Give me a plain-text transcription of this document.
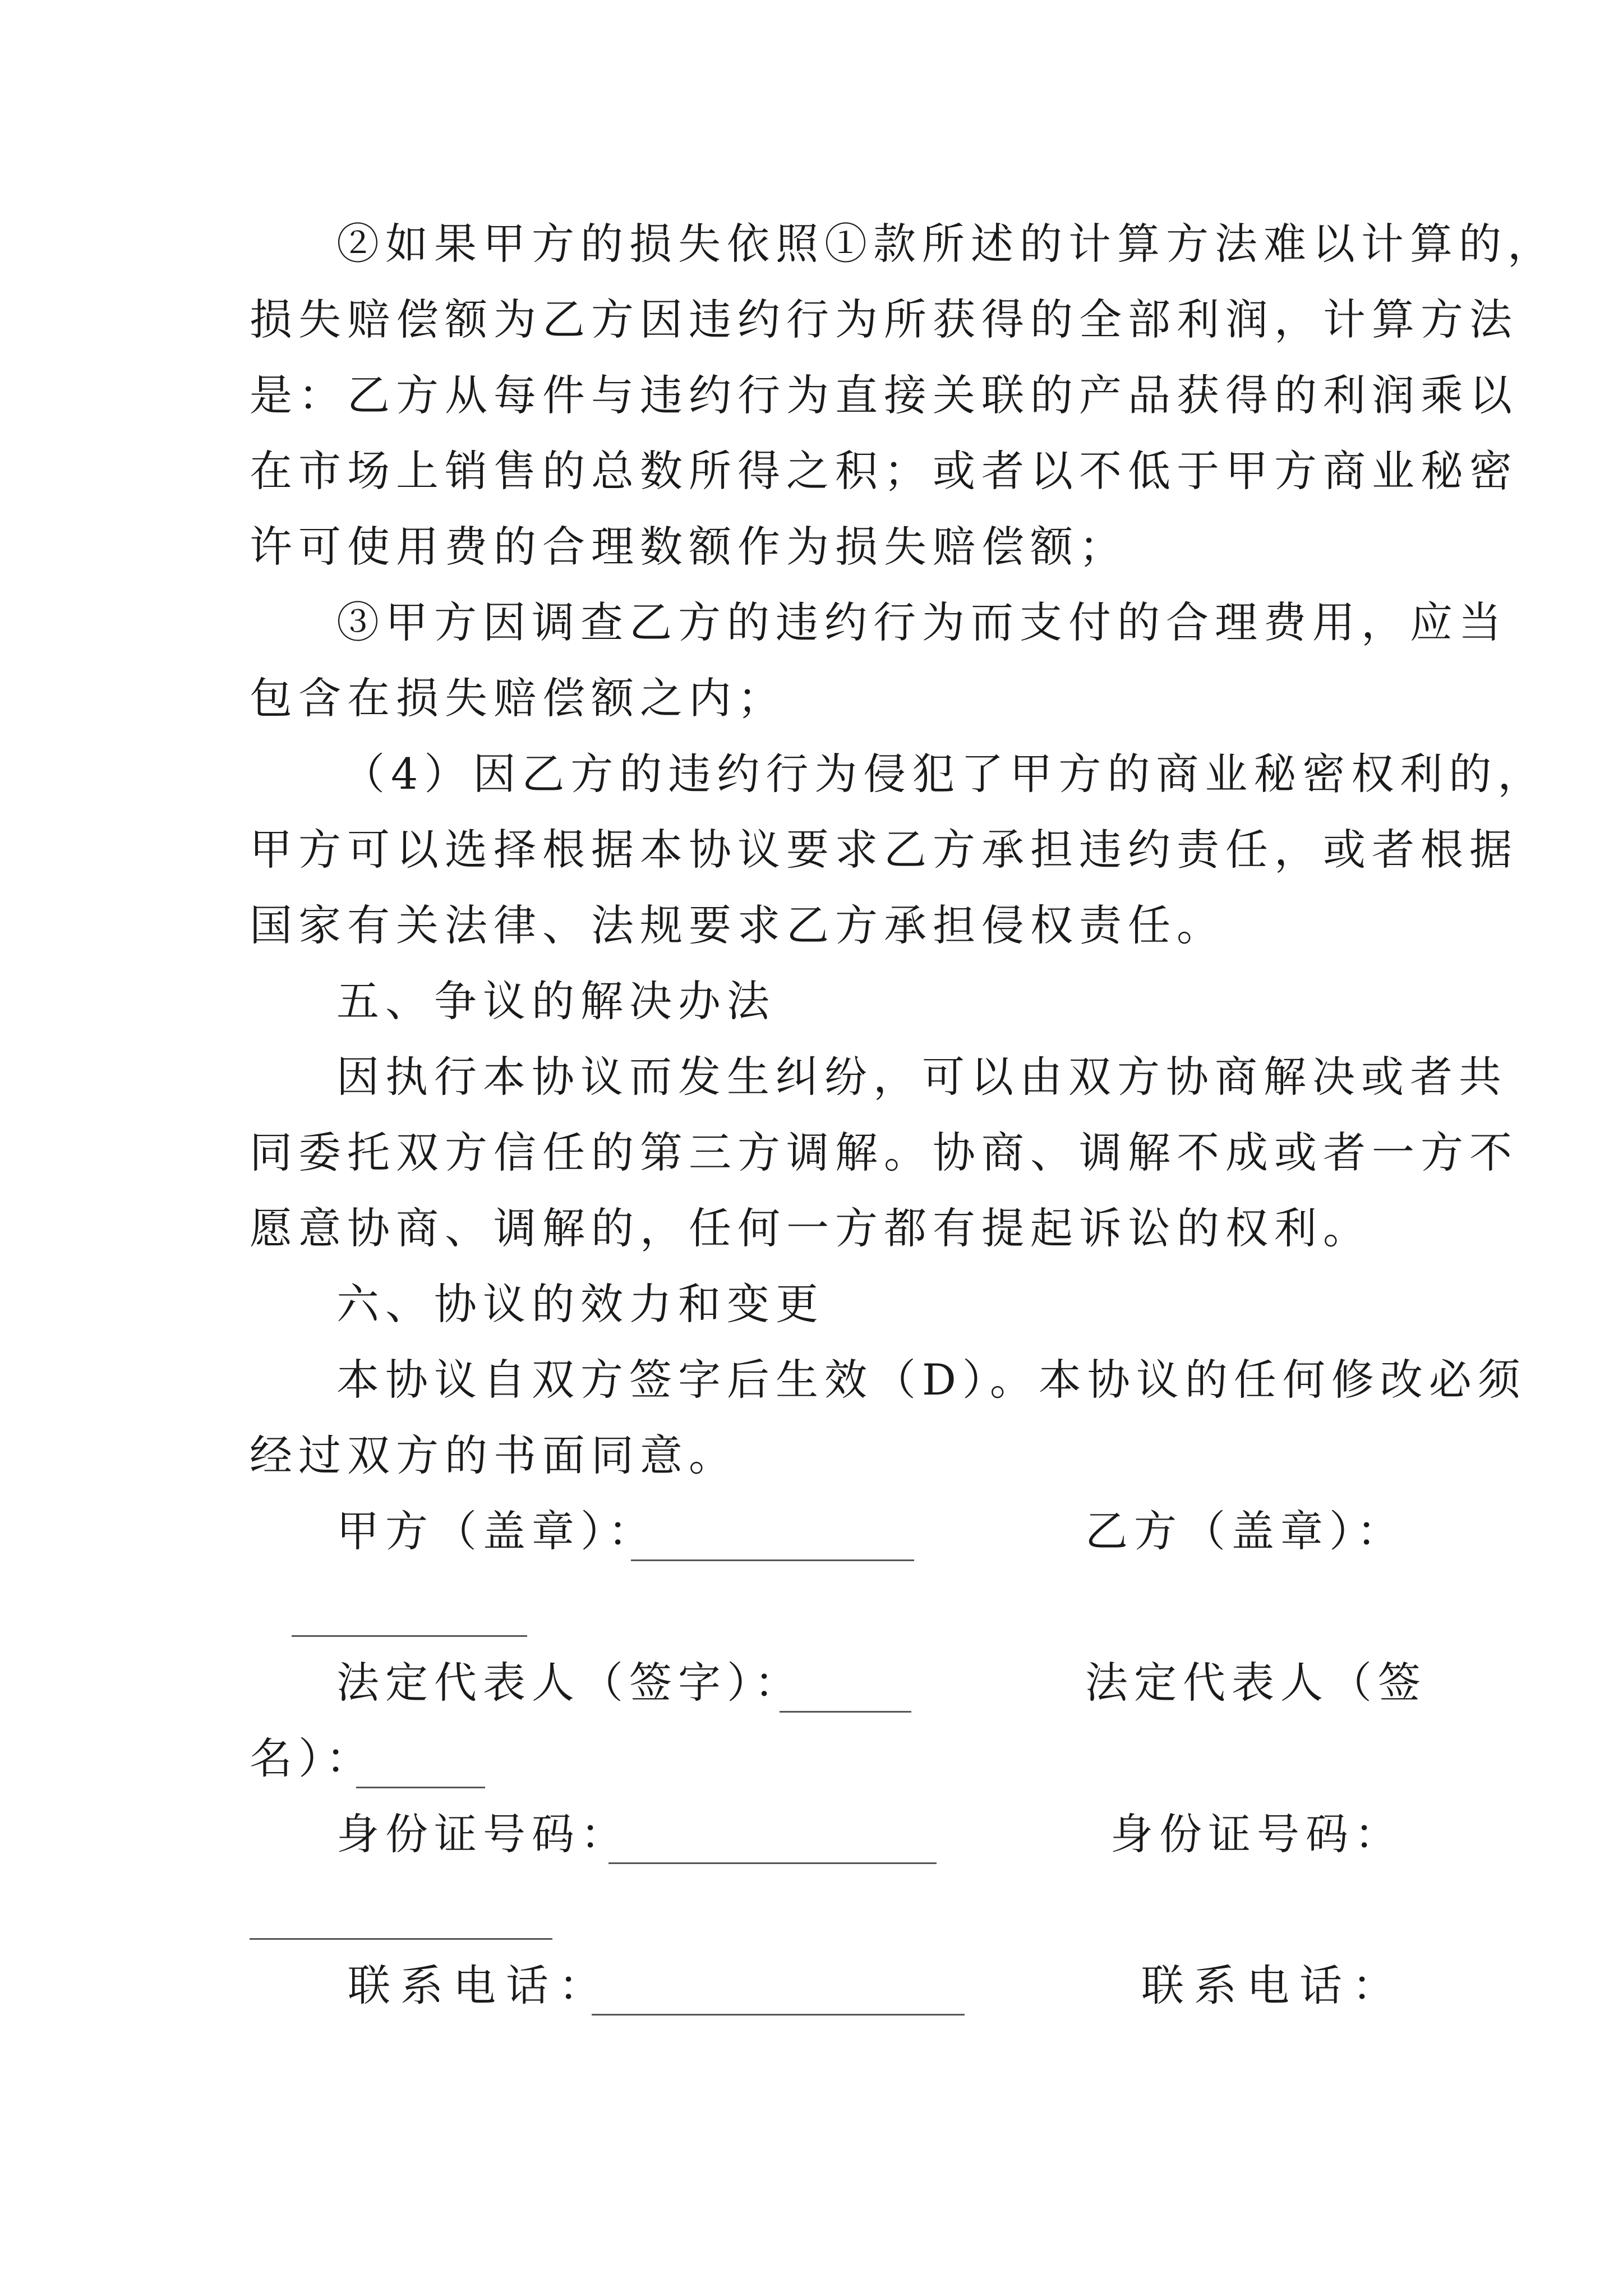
②如果甲方的损失依照①款所述的计算方法难以计算的，
损失赔偿额为乙方因违约行为所获得的全部利润，计算方法
是：乙方从每件与违约行为直接关联的产品获得的利润乘以
在市场上销售的总数所得之积；或者以不低于甲方商业秘密
许可使用费的合理数额作为损失赔偿额；
③甲方因调查乙方的违约行为而支付的合理费用，应当
包含在损失赔偿额之内；
（4）因乙方的违约行为侵犯了甲方的商业秘密权利的，
甲方可以选择根据本协议要求乙方承担违约责任，或者根据
国家有关法律、法规要求乙方承担侵权责任。
五、争议的解决办法
因执行本协议而发生纠纷，可以由双方协商解决或者共
同委托双方信任的第三方调解。协商、调解不成或者一方不
愿意协商、调解的，任何一方都有提起诉讼的权利。
六、协议的效力和变更
本协议自双方签字后生效（D）。本协议的任何修改必须
经过双方的书面同意。
甲方（盖章）：	乙方（盖章）：
法定代表人（签字）：	法定代表人（签
名）：
身份证号码：	身份证号码：
联系电话：	联系电话：
